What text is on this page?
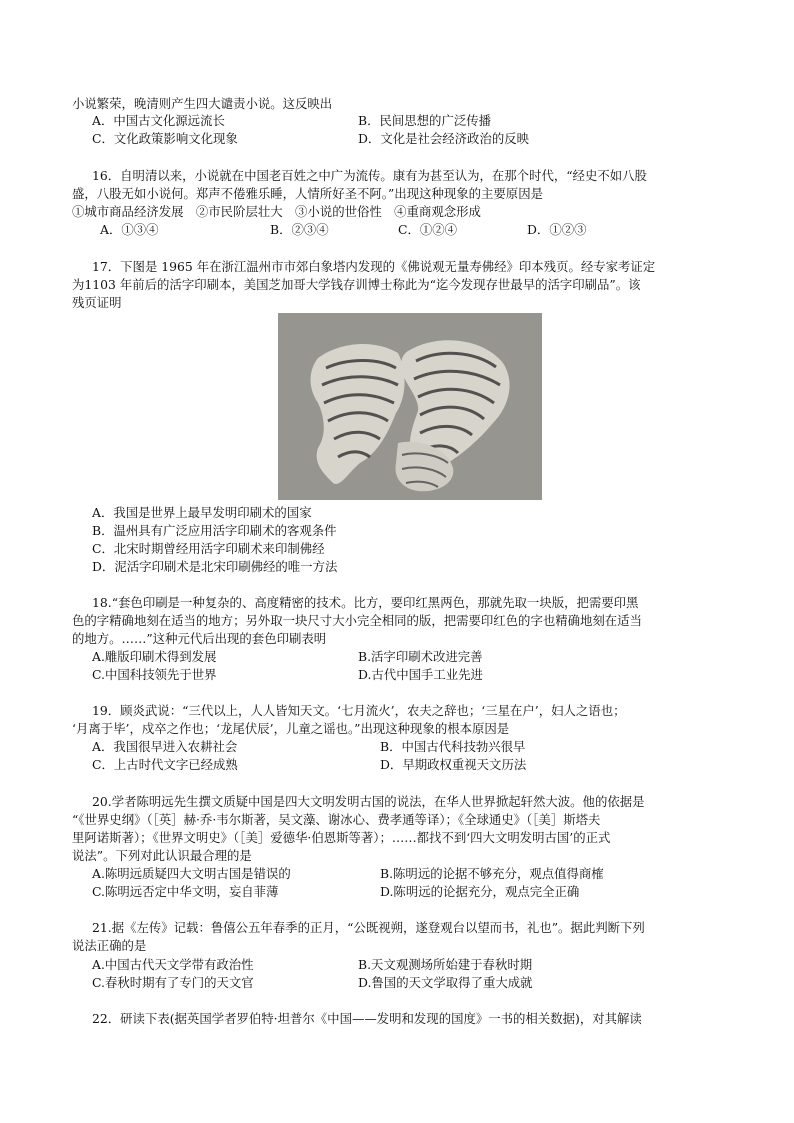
小说繁荣，晚清则产生四大谴责小说。这反映出
A．中国古文化源远流长	B．民间思想的广泛传播
C．文化政策影响文化现象	D．文化是社会经济政治的反映
16．自明清以来，小说就在中国老百姓之中广为流传。康有为甚至认为，在那个时代，“经史不如八股
盛，八股无如小说何。郑声不倦雅乐睡，人情所好圣不阿。”出现这种现象的主要原因是
①城市商品经济发展　②市民阶层壮大　③小说的世俗性　④重商观念形成
A．①③④	B．②③④	C．①②④	D．①②③
17．下图是 1965 年在浙江温州市市郊白象塔内发现的《佛说观无量寿佛经》印本残页。经专家考证定
为1103 年前后的活字印刷本，美国芝加哥大学钱存训博士称此为“迄今发现存世最早的活字印刷品”。该
残页证明
A．我国是世界上最早发明印刷术的国家
B．温州具有广泛应用活字印刷术的客观条件
C．北宋时期曾经用活字印刷术来印制佛经
D．泥活字印刷术是北宋印刷佛经的唯一方法
18.“套色印刷是一种复杂的、高度精密的技术。比方，要印红黑两色，那就先取一块版，把需要印黑
色的字精确地刻在适当的地方；另外取一块尺寸大小完全相同的版，把需要印红色的字也精确地刻在适当
的地方。……”这种元代后出现的套色印刷表明
A.雕版印刷术得到发展	B.活字印刷术改进完善
C.中国科技领先于世界	D.古代中国手工业先进
19．顾炎武说：“三代以上，人人皆知天文。‘七月流火’，农夫之辞也；‘三星在户’，妇人之语也；
‘月离于毕’，戍卒之作也；‘龙尾伏辰’，儿童之谣也。”出现这种现象的根本原因是
A．我国很早进入农耕社会	B．中国古代科技勃兴很早
C．上古时代文字已经成熟	D．早期政权重视天文历法
20.学者陈明远先生撰文质疑中国是四大文明发明古国的说法，在华人世界掀起轩然大波。他的依据是
“《世界史纲》（［英］赫·乔·韦尔斯著，吴文藻、谢冰心、费孝通等译）；《全球通史》（［美］斯塔夫
里阿诺斯著）；《世界文明史》（［美］爱德华·伯恩斯等著）；……都找不到‘四大文明发明古国’的正式
说法”。下列对此认识最合理的是
A.陈明远质疑四大文明古国是错误的	B.陈明远的论据不够充分，观点值得商榷
C.陈明远否定中华文明，妄自菲薄	D.陈明远的论据充分，观点完全正确
21.据《左传》记载：鲁僖公五年春季的正月，“公既视朔，遂登观台以望而书，礼也”。据此判断下列
说法正确的是
A.中国古代天文学带有政治性	B.天文观测场所始建于春秋时期
C.春秋时期有了专门的天文官	D.鲁国的天文学取得了重大成就
22．研读下表(据英国学者罗伯特·坦普尔《中国——发明和发现的国度》一书的相关数据)，对其解读
